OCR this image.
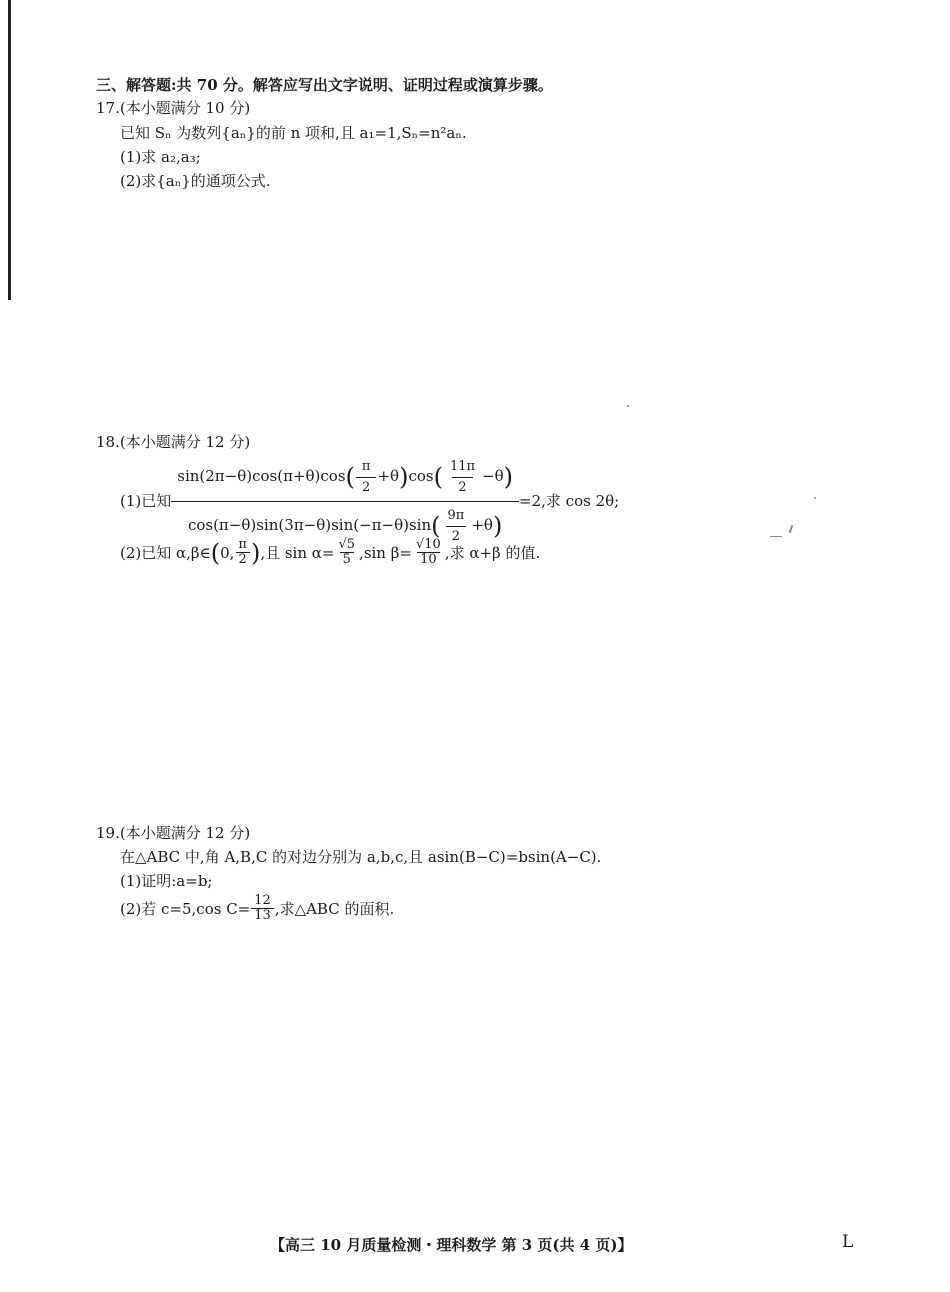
三、解答题:共 70 分。解答应写出文字说明、证明过程或演算步骤。
17.(本小题满分 10 分)
已知 Sₙ 为数列{aₙ}的前 n 项和,且 a₁=1,Sₙ=n²aₙ.
(1)求 a₂,a₃;
(2)求{aₙ}的通项公式.
18.(本小题满分 12 分)
(1)已知 $\frac{\sin(2\pi-\theta)\cos(\pi+\theta)\cos( \frac{\pi}{2} +\theta)\cos( \frac{11\pi}{2} -\theta)}{\cos(\pi-\theta)\sin(3\pi-\theta)\sin(-\pi-\theta)\sin( \frac{9\pi}{2} +\theta)} =2$,求 cos 2θ;
(2)已知 α,β∈ ( 0, $\frac{\pi}{2}$ ) ,且 $\sin \alpha= \frac{√5}{5} ,\sin$ $\beta= \frac{√10}{10}$ ,求 α+β 的值.
19.(本小题满分 12 分)
在△ABC 中,角 A,B,C 的对边分别为 a,b,c,且 asin(B−C)=bsin(A−C).
(1)证明:a=b;
(2)若 c=5,cos $C= \frac{12}{13}$ ,求△ABC 的面积.
【高三 10 月质量检测・理科数学 第 3 页(共 4 页)】	L
